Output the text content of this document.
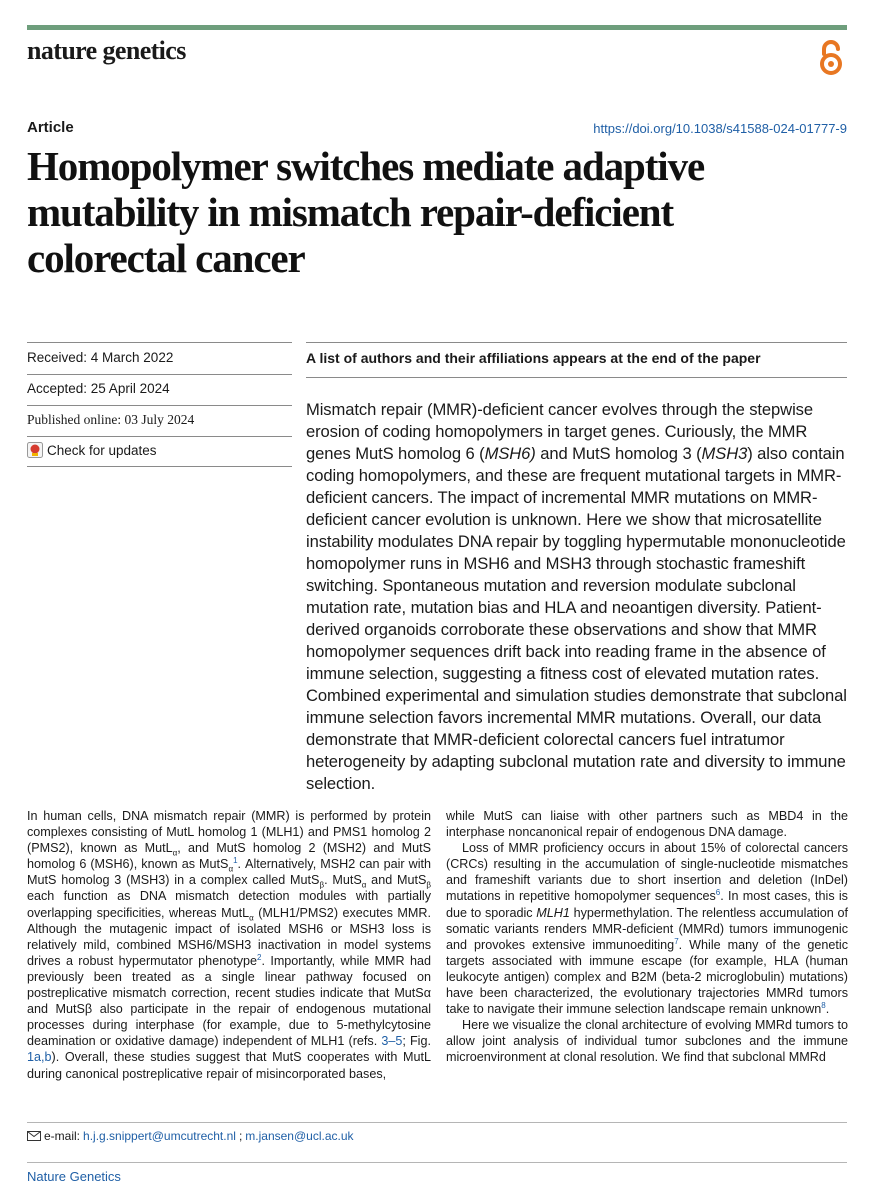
nature genetics
Article	https://doi.org/10.1038/s41588-024-01777-9
Homopolymer switches mediate adaptive mutability in mismatch repair-deficient colorectal cancer
Received: 4 March 2022
Accepted: 25 April 2024
Published online: 03 July 2024
Check for updates
A list of authors and their affiliations appears at the end of the paper

Mismatch repair (MMR)-deficient cancer evolves through the stepwise erosion of coding homopolymers in target genes. Curiously, the MMR genes MutS homolog 6 (MSH6) and MutS homolog 3 (MSH3) also contain coding homopolymers, and these are frequent mutational targets in MMR-deficient cancers. The impact of incremental MMR mutations on MMR-deficient cancer evolution is unknown. Here we show that microsatellite instability modulates DNA repair by toggling hypermutable mononucleotide homopolymer runs in MSH6 and MSH3 through stochastic frameshift switching. Spontaneous mutation and reversion modulate subclonal mutation rate, mutation bias and HLA and neoantigen diversity. Patient-derived organoids corroborate these observations and show that MMR homopolymer sequences drift back into reading frame in the absence of immune selection, suggesting a fitness cost of elevated mutation rates. Combined experimental and simulation studies demonstrate that subclonal immune selection favors incremental MMR mutations. Overall, our data demonstrate that MMR-deficient colorectal cancers fuel intratumor heterogeneity by adapting subclonal mutation rate and diversity to immune selection.

In human cells, DNA mismatch repair (MMR) is performed by protein complexes consisting of MutL homolog 1 (MLH1) and PMS1 homolog 2 (PMS2), known as MutL$_\alpha$, and MutS homolog 2 (MSH2) and MutS homolog 6 (MSH6), known as MutS$_\alpha^1$. Alternatively, MSH2 can pair with MutS homolog 3 (MSH3) in a complex called MutS$_\beta$. MutS$_\alpha$ and MutS$_\beta$ each function as DNA mismatch detection modules with partially overlapping specificities, whereas MutL$_\alpha$ (MLH1/PMS2) executes MMR. Although the mutagenic impact of isolated MSH6 or MSH3 loss is relatively mild, combined MSH6/MSH3 inactivation in model systems drives a robust hypermutator phenotype$^2$. Importantly, while MMR had previously been treated as a single linear pathway focused on postreplicative mismatch correction, recent studies indicate that MutSα and MutSβ also participate in the repair of endogenous mutational processes during interphase (for example, due to 5-methylcytosine deamination or oxidative damage) independent of MLH1 (refs. 3–5; Fig. 1a,b). Overall, these studies suggest that MutS cooperates with MutL during canonical postreplicative repair of misincorporated bases,

while MutS can liaise with other partners such as MBD4 in the interphase noncanonical repair of endogenous DNA damage.

Loss of MMR proficiency occurs in about 15% of colorectal cancers (CRCs) resulting in the accumulation of single-nucleotide mismatches and frameshift variants due to short insertion and deletion (InDel) mutations in repetitive homopolymer sequences$^6$. In most cases, this is due to sporadic MLH1 hypermethylation. The relentless accumulation of somatic variants renders MMR-deficient (MMRd) tumors immunogenic and provokes extensive immunoediting$^7$. While many of the genetic targets associated with immune escape (for example, HLA (human leukocyte antigen) complex and B2M (beta-2 microglobulin) mutations) have been characterized, the evolutionary trajectories MMRd tumors take to navigate their immune selection landscape remain unknown$^8$.

Here we visualize the clonal architecture of evolving MMRd tumors to allow joint analysis of individual tumor subclones and the immune microenvironment at clonal resolution. We find that subclonal MMRd

e-mail: h.j.g.snippert@umcutrecht.nl ; m.jansen@ucl.ac.uk
Nature Genetics
